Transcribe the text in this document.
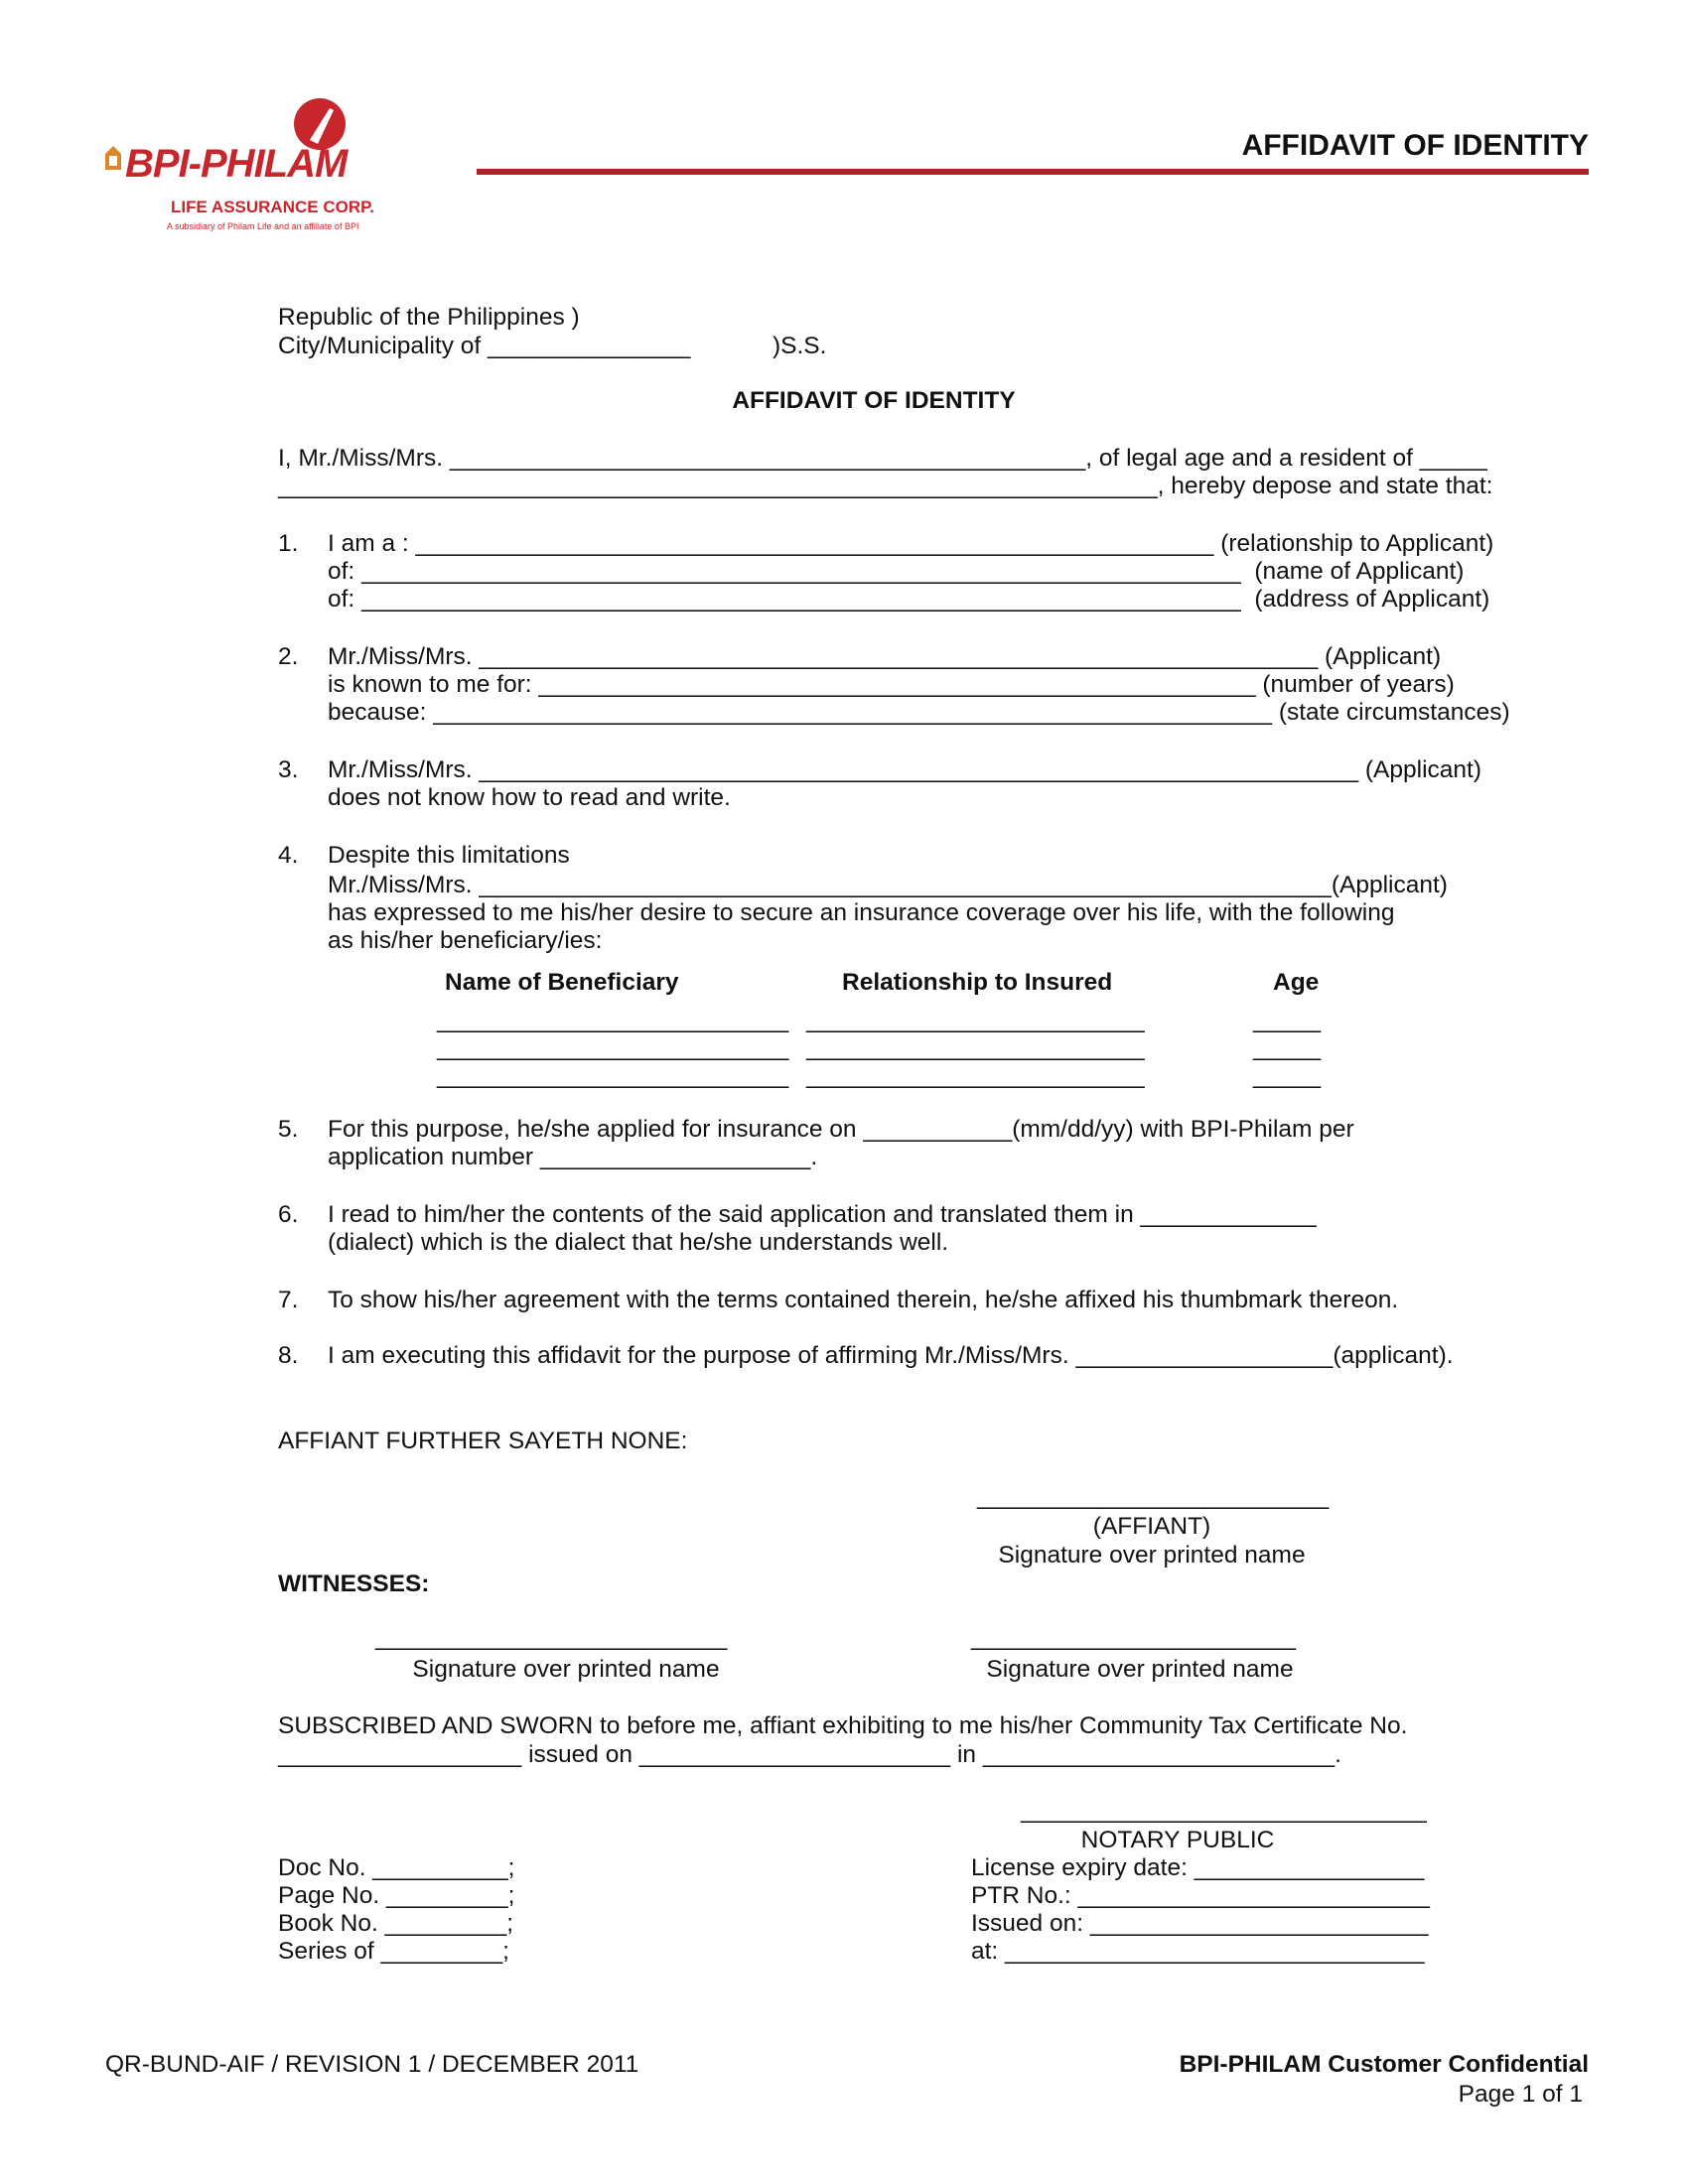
BPI-PHILAM
LIFE ASSURANCE CORP.
A subsidiary of Philam Life and an affiliate of BPI
AFFIDAVIT OF IDENTITY
Republic of the Philippines )
City/Municipality of _______________	)S.S.
AFFIDAVIT OF IDENTITY
I, Mr./Miss/Mrs. _______________________________________________, of legal age and a resident of _____
_________________________________________________________________, hereby depose and state that:
1. I am a : ___________________________________________________________ (relationship to Applicant)
of: _________________________________________________________________  (name of Applicant)
of: _________________________________________________________________  (address of Applicant)
2. Mr./Miss/Mrs. ______________________________________________________________ (Applicant)
is known to me for: _____________________________________________________ (number of years)
because: ______________________________________________________________ (state circumstances)
3. Mr./Miss/Mrs. _________________________________________________________________ (Applicant)
does not know how to read and write.
4. Despite this limitations
Mr./Miss/Mrs. _______________________________________________________________(Applicant)
has expressed to me his/her desire to secure an insurance coverage over his life, with the following
as his/her beneficiary/ies:
Name of Beneficiary	Relationship to Insured	Age
__________________________ _________________________	_____
__________________________ _________________________	_____
__________________________ _________________________	_____
5. For this purpose, he/she applied for insurance on ___________(mm/dd/yy) with BPI-Philam per
application number ____________________.
6. I read to him/her the contents of the said application and translated them in _____________
(dialect) which is the dialect that he/she understands well.
7. To show his/her agreement with the terms contained therein, he/she affixed his thumbmark thereon.
8. I am executing this affidavit for the purpose of affirming Mr./Miss/Mrs. ___________________(applicant).
AFFIANT FURTHER SAYETH NONE:
__________________________
(AFFIANT)
Signature over printed name
WITNESSES:
__________________________
Signature over printed name
________________________
Signature over printed name
SUBSCRIBED AND SWORN to before me, affiant exhibiting to me his/her Community Tax Certificate No.
__________________ issued on _______________________ in __________________________.
______________________________
NOTARY PUBLIC
License expiry date: _________________
PTR No.: __________________________
Issued on: _________________________
at: _______________________________
Doc No. __________;
Page No. _________;
Book No. _________;
Series of _________;
QR-BUND-AIF / REVISION 1 / DECEMBER 2011	BPI-PHILAM Customer Confidential
Page 1 of 1
